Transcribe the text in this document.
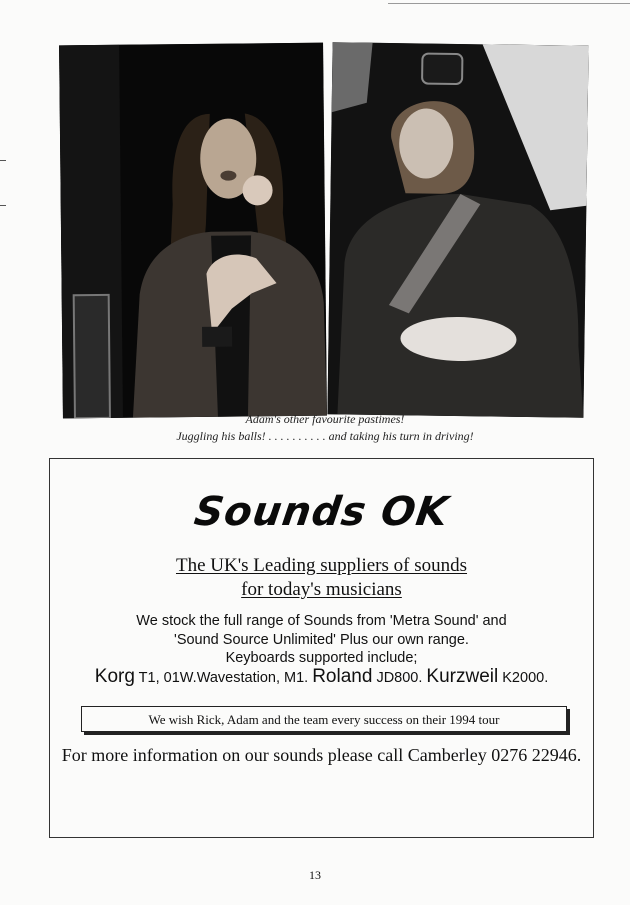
Adam's other favourite pastimes!
Juggling his balls! . . . . . . . . . . and taking his turn in driving!
Sounds OK
The UK's Leading suppliers of sounds
for today's musicians
We stock the full range of Sounds from 'Metra Sound' and
'Sound Source Unlimited' Plus our own range.
Keyboards supported include;
Korg T1, 01W.Wavestation, M1. Roland JD800. Kurzweil K2000.
We wish Rick, Adam and the team every success on their 1994 tour
For more information on our sounds please call Camberley 0276 22946.
13
